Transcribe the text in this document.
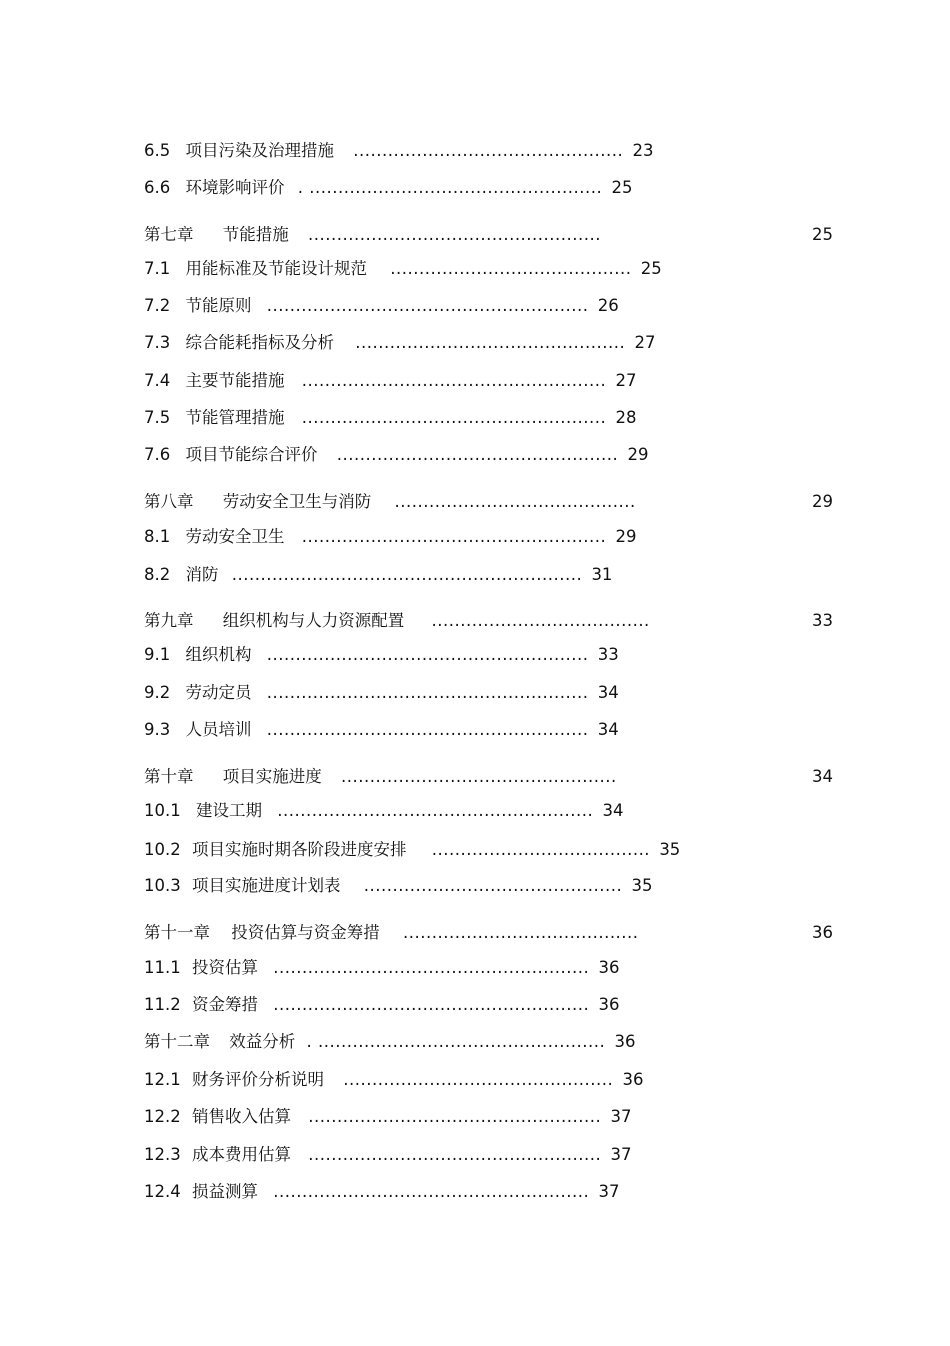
6.5 项目污染及治理措施 ............................................... 23
6.6 环境影响评价 . ................................................... 25
第七章 节能措施 ...................................................	25
7.1 用能标准及节能设计规范 .......................................... 25
7.2 节能原则 ........................................................ 26
7.3 综合能耗指标及分析 ............................................... 27
7.4 主要节能措施 ..................................................... 27
7.5 节能管理措施 ..................................................... 28
7.6 项目节能综合评价 ................................................. 29
第八章 劳动安全卫生与消防 ..........................................	29
8.1 劳动安全卫生 ..................................................... 29
8.2 消防 ............................................................. 31
第九章 组织机构与人力资源配置 ......................................	33
9.1 组织机构 ........................................................ 33
9.2 劳动定员 ........................................................ 34
9.3 人员培训 ........................................................ 34
第十章 项目实施进度 ................................................	34
10.1 建设工期 ....................................................... 34
10.2 项目实施时期各阶段进度安排 ...................................... 35
10.3 项目实施进度计划表 ............................................. 35
第十一章 投资估算与资金筹措 .........................................	36
11.1 投资估算 ....................................................... 36
11.2 资金筹措 ....................................................... 36
第十二章 效益分析 . .................................................. 36
12.1 财务评价分析说明 ............................................... 36
12.2 销售收入估算 ................................................... 37
12.3 成本费用估算 ................................................... 37
12.4 损益测算 ....................................................... 37
